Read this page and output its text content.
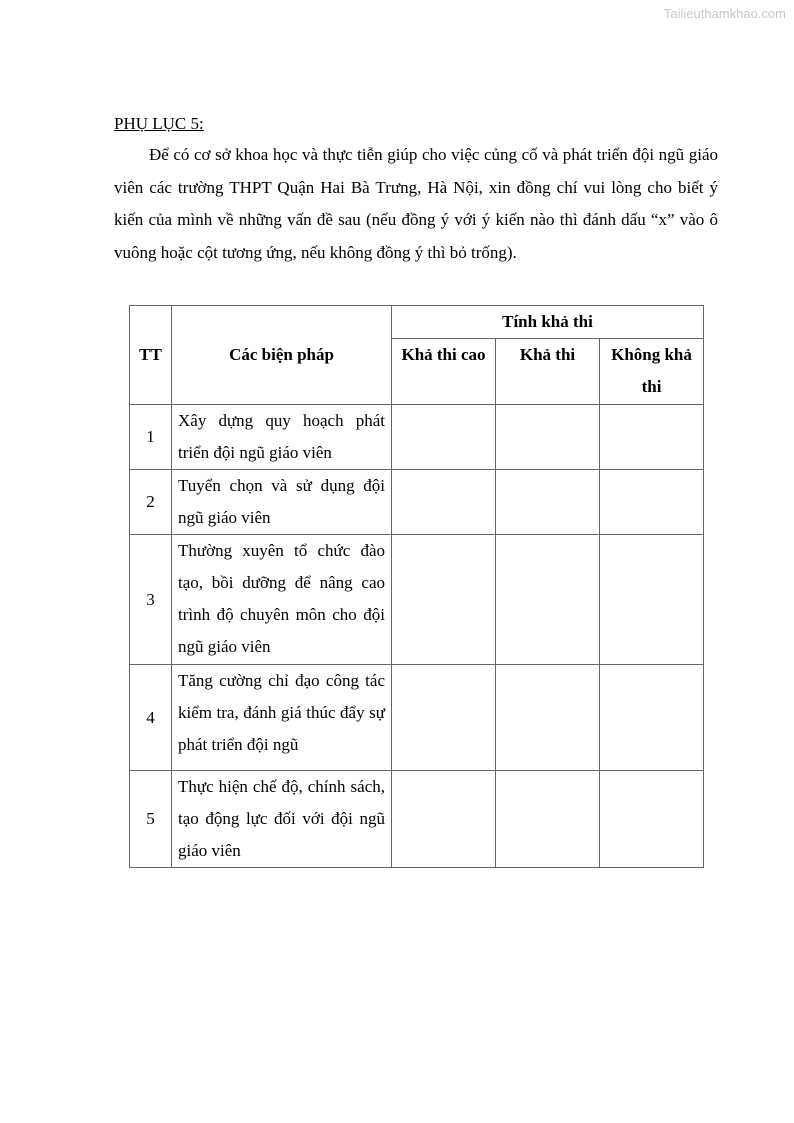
Tailieuthamkhao.com
PHỤ LỤC 5:

Để có cơ sở khoa học và thực tiễn giúp cho việc củng cố và phát triển đội ngũ giáo viên các trường THPT Quận Hai Bà Trưng, Hà Nội, xin đồng chí vui lòng cho biết ý kiến của mình về những vấn đề sau (nếu đồng ý với ý kiến nào thì đánh dấu “x” vào ô vuông hoặc cột tương ứng, nếu không đồng ý thì bỏ trống).

TT	Các biện pháp	Tính khả thi		
		Khả thi cao	Khả thi	Không khả thi
1	Xây dựng quy hoạch phát triển đội ngũ giáo viên			
2	Tuyển chọn và sử dụng đội ngũ giáo viên			
3	Thường xuyên tổ chức đào tạo, bồi dưỡng để nâng cao trình độ chuyên môn cho đội ngũ giáo viên			
4	Tăng cường chỉ đạo công tác kiểm tra, đánh giá thúc đẩy sự phát triển đội ngũ			
5	Thực hiện chế độ, chính sách, tạo động lực đối với đội ngũ giáo viên			
